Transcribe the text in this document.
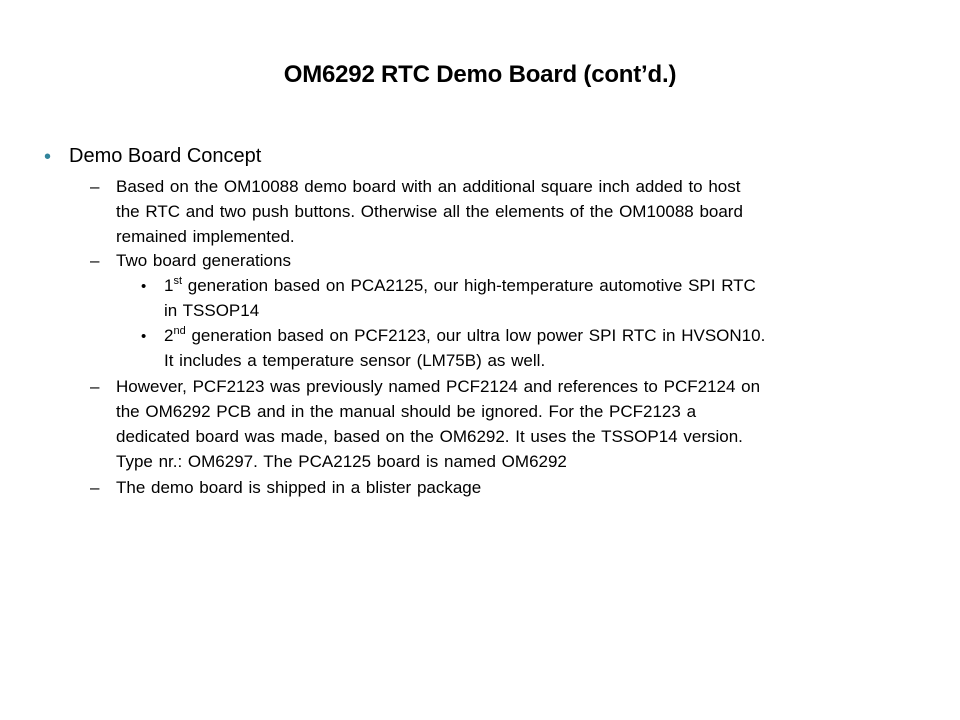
OM6292 RTC Demo Board (cont’d.)
• Demo Board Concept
– Based on the OM10088 demo board with an additional square inch added to host
the RTC and two push buttons. Otherwise all the elements of the OM10088 board
remained implemented.
– Two board generations
• 1st generation based on PCA2125, our high-temperature automotive SPI RTC
in TSSOP14
• 2nd generation based on PCF2123, our ultra low power SPI RTC in HVSON10.
It includes a temperature sensor (LM75B) as well.
– However, PCF2123 was previously named PCF2124 and references to PCF2124 on
the OM6292 PCB and in the manual should be ignored. For the PCF2123 a
dedicated board was made, based on the OM6292. It uses the TSSOP14 version.
Type nr.: OM6297. The PCA2125 board is named OM6292
– The demo board is shipped in a blister package
